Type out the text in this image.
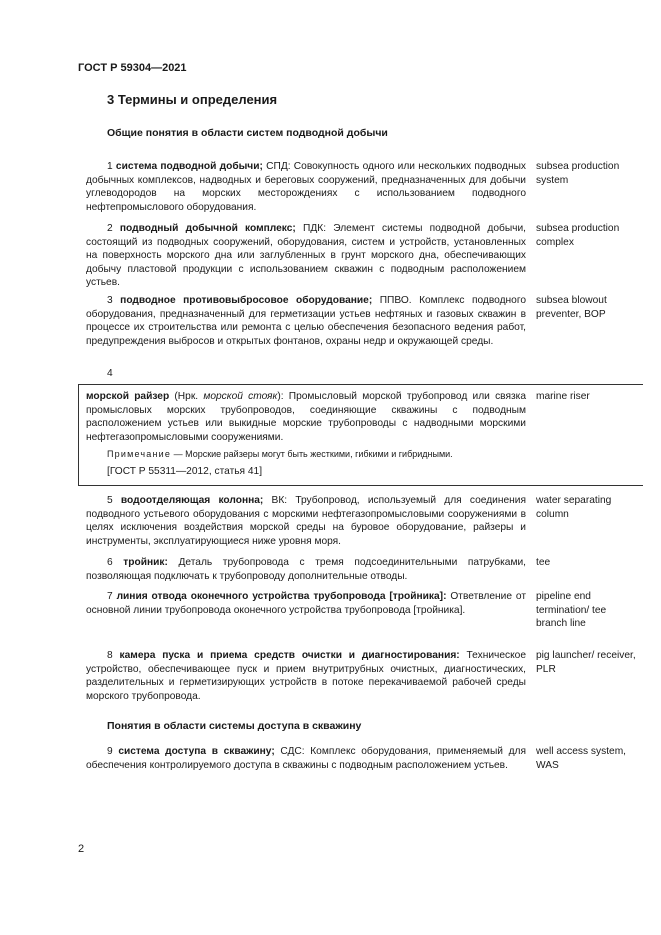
ГОСТ Р 59304—2021
3 Термины и определения
Общие понятия в области систем подводной добычи
1 система подводной добычи; СПД: Совокупность одного или нескольких подводных добычных комплексов, надводных и береговых сооружений, предназначенных для добычи углеводородов на морских месторождениях с использованием подводного нефтепромыслового оборудования.
subsea production system
2 подводный добычной комплекс; ПДК: Элемент системы подводной добычи, состоящий из подводных сооружений, оборудования, систем и устройств, установленных на поверхность морского дна или заглубленных в грунт морского дна, обеспечивающих добычу пластовой продукции с использованием скважин с подводным расположением устьев.
subsea production complex
3 подводное противовыбросовое оборудование; ППВО. Комплекс подводного оборудования, предназначенный для герметизации устьев нефтяных и газовых скважин в процессе их строительства или ремонта с целью обеспечения безопасного ведения работ, предупреждения выбросов и открытых фонтанов, охраны недр и окружающей среды.
subsea blowout preventer, BOP
4
морской райзер (Нрк. морской стояк): Промысловый морской трубопровод или связка промысловых морских трубопроводов, соединяющие скважины с подводным расположением устьев или выкидные морские трубопроводы с надводными морскими нефтегазопромысловыми сооружениями.
marine riser
Примечание — Морские райзеры могут быть жесткими, гибкими и гибридными.
[ГОСТ Р 55311—2012, статья 41]
5 водоотделяющая колонна; ВК: Трубопровод, используемый для соединения подводного устьевого оборудования с морскими нефтегазопромысловыми сооружениями в целях исключения воздействия морской среды на буровое оборудование, райзеры и инструменты, эксплуатирующиеся ниже уровня моря.
water separating column
6 тройник: Деталь трубопровода с тремя подсоединительными патрубками, позволяющая подключать к трубопроводу дополнительные отводы.
tee
7 линия отвода оконечного устройства трубопровода [тройника]: Ответвление от основной линии трубопровода оконечного устройства трубопровода [тройника].
pipeline end termination/ tee branch line
8 камера пуска и приема средств очистки и диагностирования: Техническое устройство, обеспечивающее пуск и прием внутритрубных очистных, диагностических, разделительных и герметизирующих устройств в потоке перекачиваемой рабочей среды морского трубопровода.
pig launcher/ receiver, PLR
Понятия в области системы доступа в скважину
9 система доступа в скважину; СДС: Комплекс оборудования, применяемый для обеспечения контролируемого доступа в скважины с подводным расположением устьев.
well access system, WAS
2
